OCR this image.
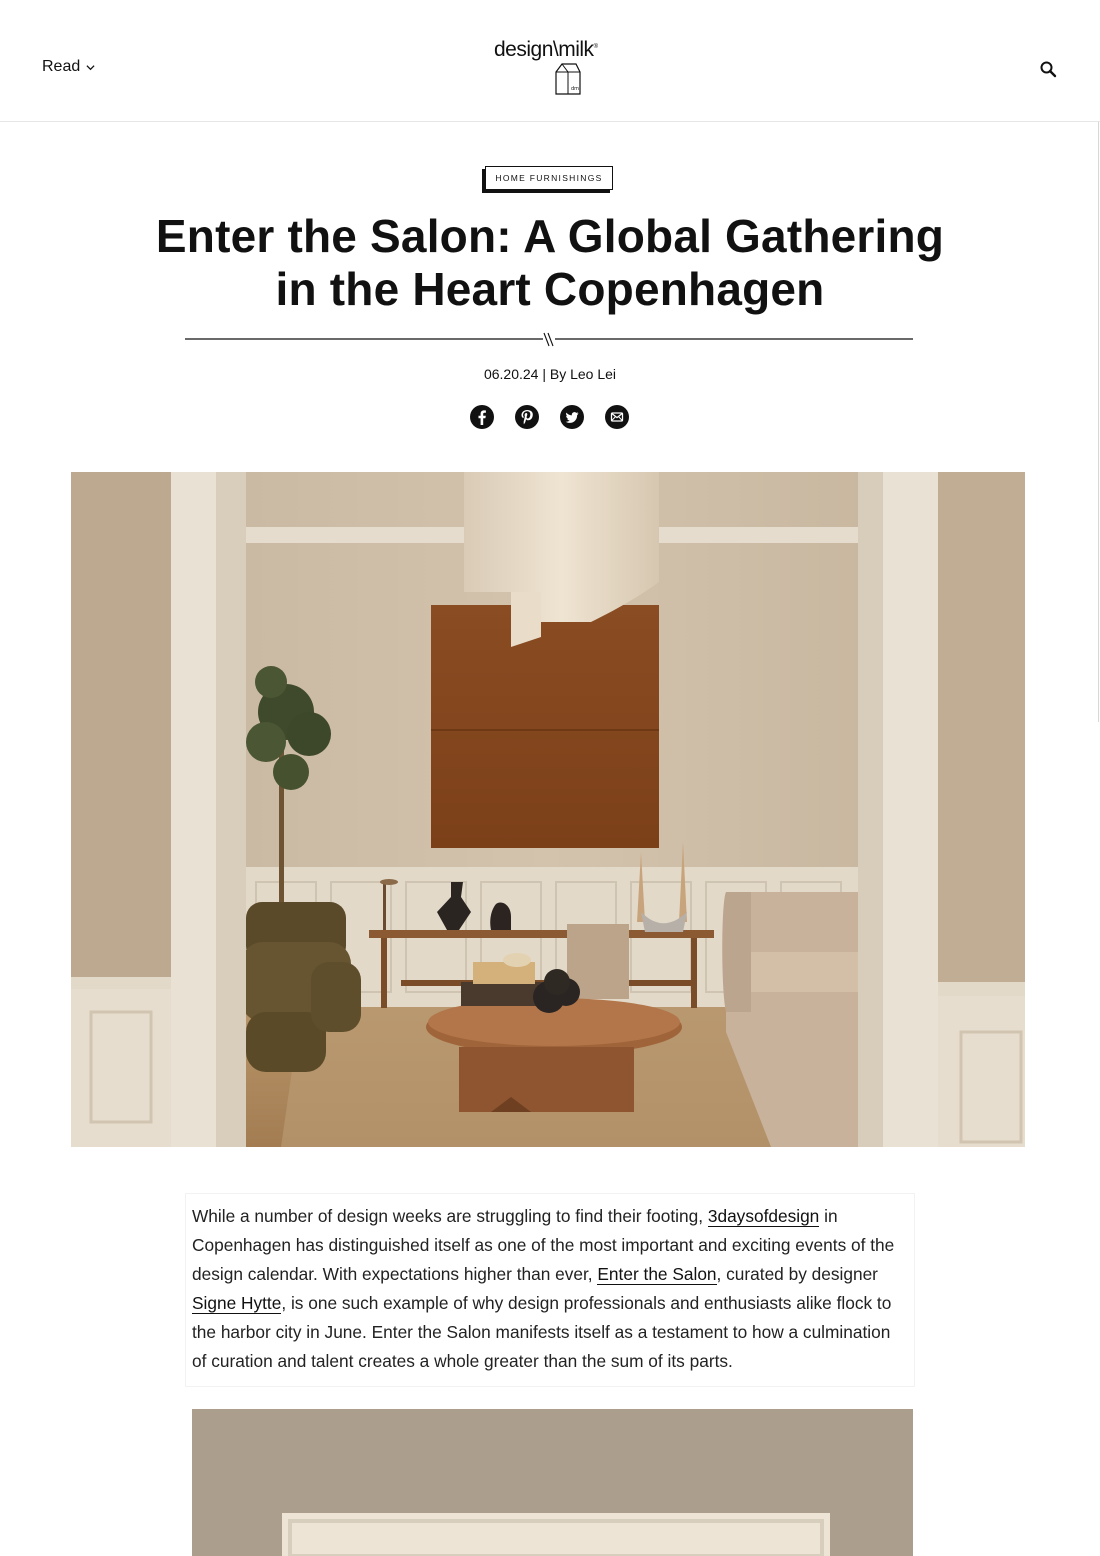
Read
design\milk®
dm
HOME FURNISHINGS
Enter the Salon: A Global Gathering in the Heart Copenhagen
06.20.24 | By Leo Lei

While a number of design weeks are struggling to find their footing, 3daysofdesign in Copenhagen has distinguished itself as one of the most important and exciting events of the design calendar. With expectations higher than ever, Enter the Salon, curated by designer Signe Hytte, is one such example of why design professionals and enthusiasts alike flock to the harbor city in June. Enter the Salon manifests itself as a testament to how a culmination of curation and talent creates a whole greater than the sum of its parts.
